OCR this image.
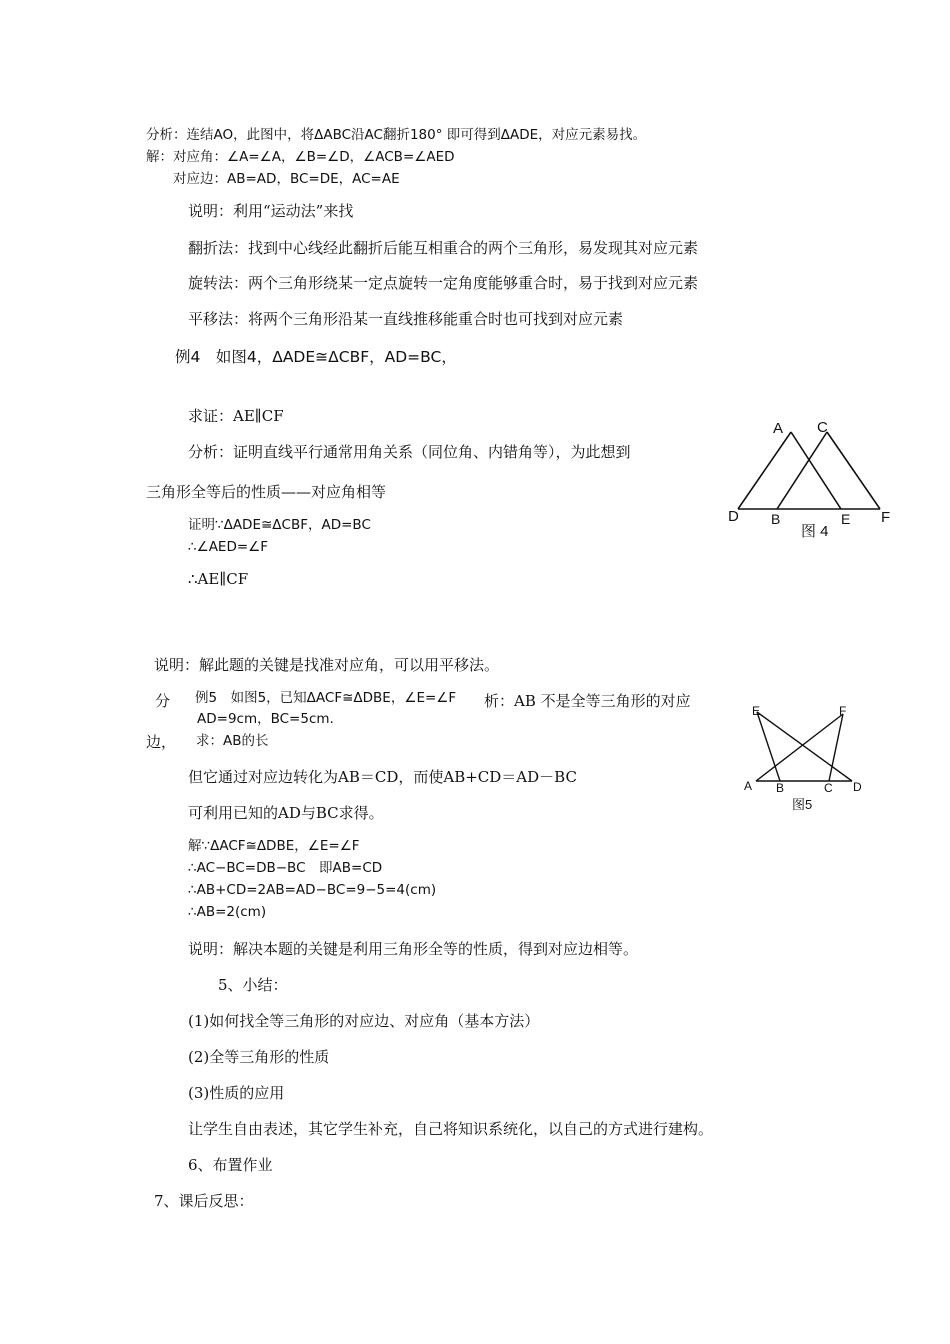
分析：连结AO，此图中，将ΔABC沿AC翻折180° 即可得到ΔADE，对应元素易找。
解：对应角：∠A=∠A，∠B=∠D，∠ACB=∠AED
对应边：AB=AD，BC=DE，AC=AE
说明：利用“运动法”来找
翻折法：找到中心线经此翻折后能互相重合的两个三角形，易发现其对应元素
旋转法：两个三角形绕某一定点旋转一定角度能够重合时，易于找到对应元素
平移法：将两个三角形沿某一直线推移能重合时也可找到对应元素
例4　如图4，ΔADE≅ΔCBF，AD=BC，
求证：AE∥CF
分析：证明直线平行通常用角关系（同位角、内错角等），为此想到
三角形全等后的性质——对应角相等
证明∵ΔADE≅ΔCBF，AD=BC
∴∠AED=∠F
∴AE∥CF
A C
D B	E F
图 4
说明：解此题的关键是找准对应角，可以用平移法。
分 例5　如图5，已知ΔACF≅ΔDBE，∠E=∠F
AD=9cm，BC=5cm.
析：AB 不是全等三角形的对应
边， 求：AB的长
但它通过对应边转化为AB＝CD，而使AB+CD＝AD－BC
可利用已知的AD与BC求得。
解∵ΔACF≅ΔDBE，∠E=∠F
∴AC−BC=DB−BC　即AB=CD
∴AB+CD=2AB=AD−BC=9−5=4(cm)
∴AB=2(cm)
说明：解决本题的关键是利用三角形全等的性质，得到对应边相等。
E	F
A B	C D
图5
5、小结：
(1)如何找全等三角形的对应边、对应角（基本方法）
(2)全等三角形的性质
(3)性质的应用
让学生自由表述，其它学生补充，自己将知识系统化，以自己的方式进行建构。
6、布置作业
7、课后反思：
